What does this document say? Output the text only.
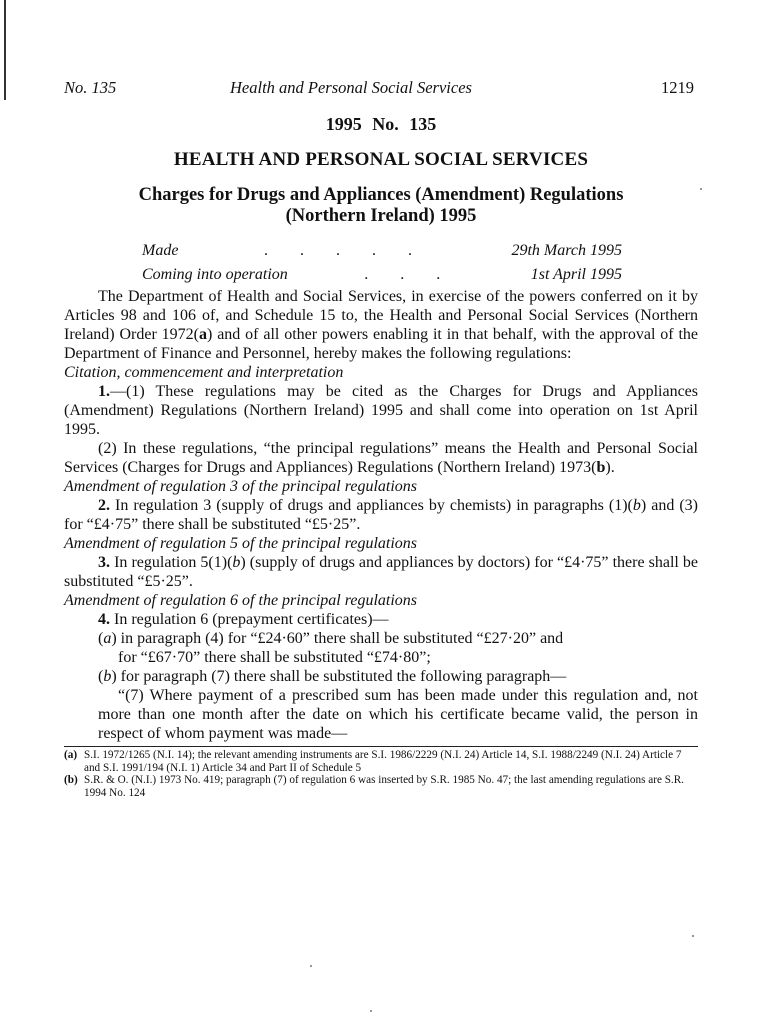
No. 135	Health and Personal Social Services	1219
1995 No. 135
HEALTH AND PERSONAL SOCIAL SERVICES
Charges for Drugs and Appliances (Amendment) Regulations
(Northern Ireland) 1995
Made	. . . . .	29th March 1995
Coming into operation	. . .	1st April 1995

The Department of Health and Social Services, in exercise of the powers conferred on it by Articles 98 and 106 of, and Schedule 15 to, the Health and Personal Social Services (Northern Ireland) Order 1972(a) and of all other powers enabling it in that behalf, with the approval of the Department of Finance and Personnel, hereby makes the following regulations:

Citation, commencement and interpretation

1.—(1) These regulations may be cited as the Charges for Drugs and Appliances (Amendment) Regulations (Northern Ireland) 1995 and shall come into operation on 1st April 1995.

(2) In these regulations, “the principal regulations” means the Health and Personal Social Services (Charges for Drugs and Appliances) Regulations (Northern Ireland) 1973(b).

Amendment of regulation 3 of the principal regulations

2. In regulation 3 (supply of drugs and appliances by chemists) in paragraphs (1)(b) and (3) for “£4·75” there shall be substituted “£5·25”.

Amendment of regulation 5 of the principal regulations

3. In regulation 5(1)(b) (supply of drugs and appliances by doctors) for “£4·75” there shall be substituted “£5·25”.

Amendment of regulation 6 of the principal regulations

4. In regulation 6 (prepayment certificates)—

(a) in paragraph (4) for “£24·60” there shall be substituted “£27·20” and
for “£67·70” there shall be substituted “£74·80”;

(b) for paragraph (7) there shall be substituted the following paragraph—

“(7) Where payment of a prescribed sum has been made under this regulation and, not more than one month after the date on which his certificate became valid, the person in respect of whom payment was made—

(a) S.I. 1972/1265 (N.I. 14); the relevant amending instruments are S.I. 1986/2229 (N.I. 24) Article 14, S.I. 1988/2249 (N.I. 24) Article 7 and S.I. 1991/194 (N.I. 1) Article 34 and Part II of Schedule 5
(b) S.R. & O. (N.I.) 1973 No. 419; paragraph (7) of regulation 6 was inserted by S.R. 1985 No. 47; the last amending regulations are S.R. 1994 No. 124
